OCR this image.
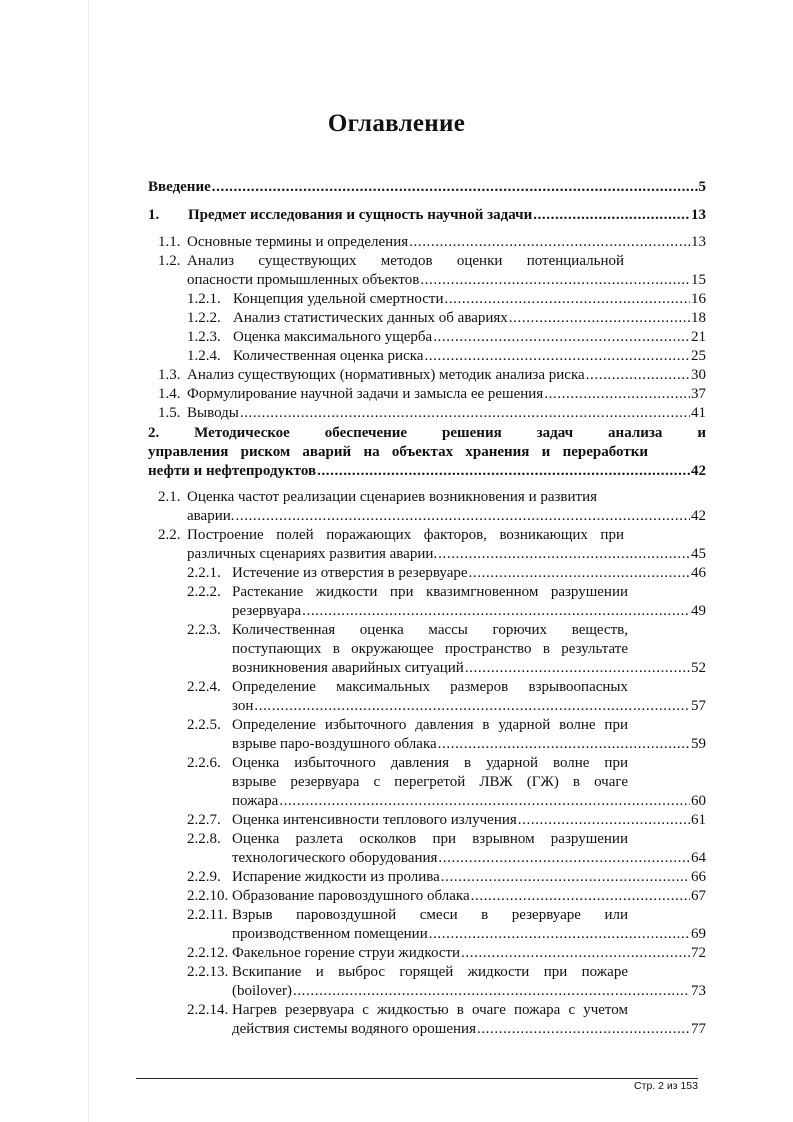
Оглавление
Введение .....	5
1. Предмет исследования и сущность научной задачи .....	13
1.1. Основные термины и определения .....	13
1.2. Анализ существующих методов оценки потенциальной
опасности промышленных объектов .....	15
1.2.1. Концепция удельной смертности .....	16
1.2.2. Анализ статистических данных об авариях .....	18
1.2.3. Оценка максимального ущерба .....	21
1.2.4. Количественная оценка риска .....	25
1.3. Анализ существующих (нормативных) методик анализа риска .....	30
1.4. Формулирование научной задачи и замысла ее решения .....	37
1.5. Выводы .....	41
2. Методическое обеспечение решения задач анализа и
управления риском аварий на объектах хранения и переработки
нефти и нефтепродуктов .....	42
2.1. Оценка частот реализации сценариев возникновения и развития
аварии. .....	42
2.2. Построение полей поражающих факторов, возникающих при
различных сценариях развития аварии. .....	45
2.2.1. Истечение из отверстия в резервуаре .....	46
2.2.2. Растекание жидкости при квазимгновенном разрушении
резервуара .....	49
2.2.3. Количественная оценка массы горючих веществ,
поступающих в окружающее пространство в результате
возникновения аварийных ситуаций .....	52
2.2.4. Определение максимальных размеров взрывоопасных
зон .....	57
2.2.5. Определение избыточного давления в ударной волне при
взрыве паро-воздушного облака .....	59
2.2.6. Оценка избыточного давления в ударной волне при
взрыве резервуара с перегретой ЛВЖ (ГЖ) в очаге
пожара .....	60
2.2.7. Оценка интенсивности теплового излучения .....	61
2.2.8. Оценка разлета осколков при взрывном разрушении
технологического оборудования .....	64
2.2.9. Испарение жидкости из пролива .....	66
2.2.10. Образование паровоздушного облака .....	67
2.2.11. Взрыв паровоздушной смеси в резервуаре или
производственном помещении .....	69
2.2.12. Факельное горение струи жидкости .....	72
2.2.13. Вскипание и выброс горящей жидкости при пожаре
(boilover) .....	73
2.2.14. Нагрев резервуара с жидкостью в очаге пожара с учетом
действия системы водяного орошения .....	77
Стр. 2 из 153
